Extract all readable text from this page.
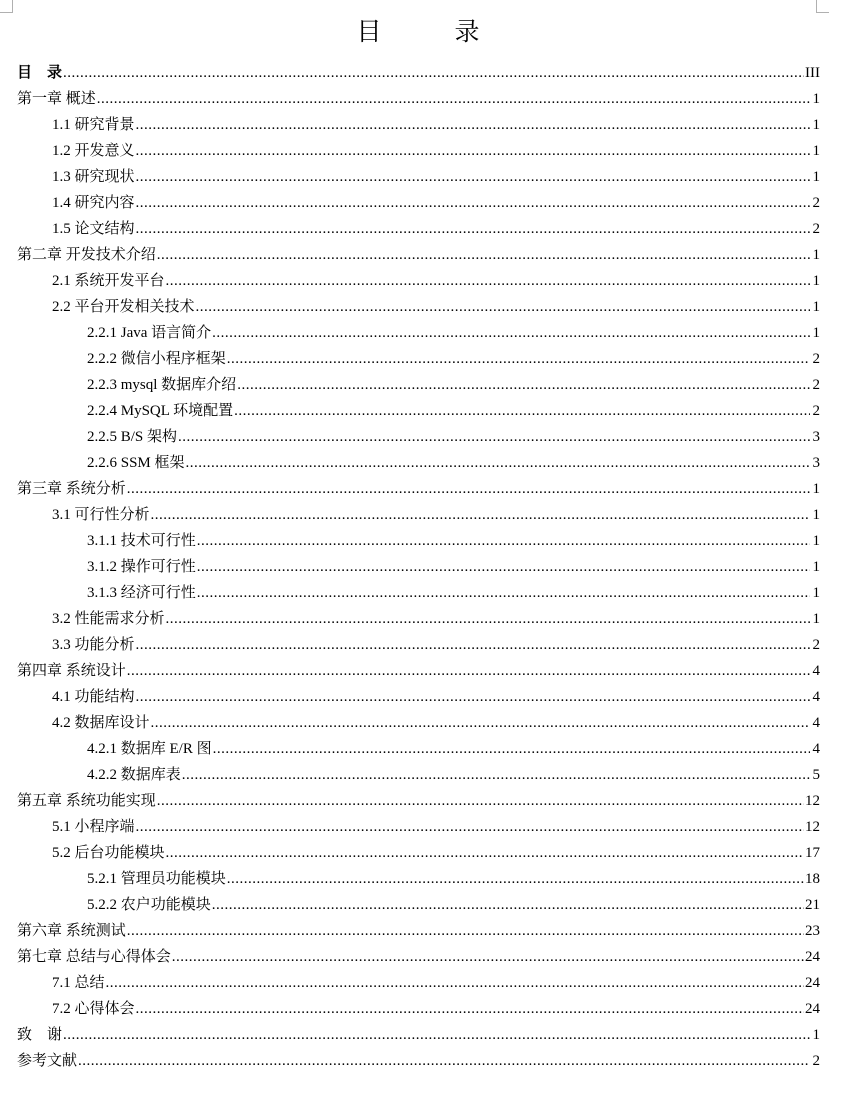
目　录
目　录 .....	III
第一章 概述 .....	1
1.1 研究背景 .....	1
1.2 开发意义 .....	1
1.3 研究现状 .....	1
1.4 研究内容 .....	2
1.5 论文结构 .....	2
第二章 开发技术介绍 .....	1
2.1 系统开发平台 .....	1
2.2 平台开发相关技术 .....	1
2.2.1 Java 语言简介 .....	1
2.2.2 微信小程序框架 .....	2
2.2.3 mysql 数据库介绍 .....	2
2.2.4 MySQL 环境配置 .....	2
2.2.5 B/S 架构 .....	3
2.2.6 SSM 框架 .....	3
第三章 系统分析 .....	1
3.1 可行性分析 .....	1
3.1.1 技术可行性 .....	1
3.1.2 操作可行性 .....	1
3.1.3 经济可行性 .....	1
3.2 性能需求分析 .....	1
3.3 功能分析 .....	2
第四章 系统设计 .....	4
4.1 功能结构 .....	4
4.2 数据库设计 .....	4
4.2.1 数据库 E/R 图 .....	4
4.2.2 数据库表 .....	5
第五章 系统功能实现 .....	12
5.1 小程序端 .....	12
5.2 后台功能模块 .....	17
5.2.1 管理员功能模块 .....	18
5.2.2 农户功能模块 .....	21
第六章 系统测试 .....	23
第七章 总结与心得体会 .....	24
7.1 总结 .....	24
7.2 心得体会 .....	24
致　谢 .....	1
参考文献 .....	2
